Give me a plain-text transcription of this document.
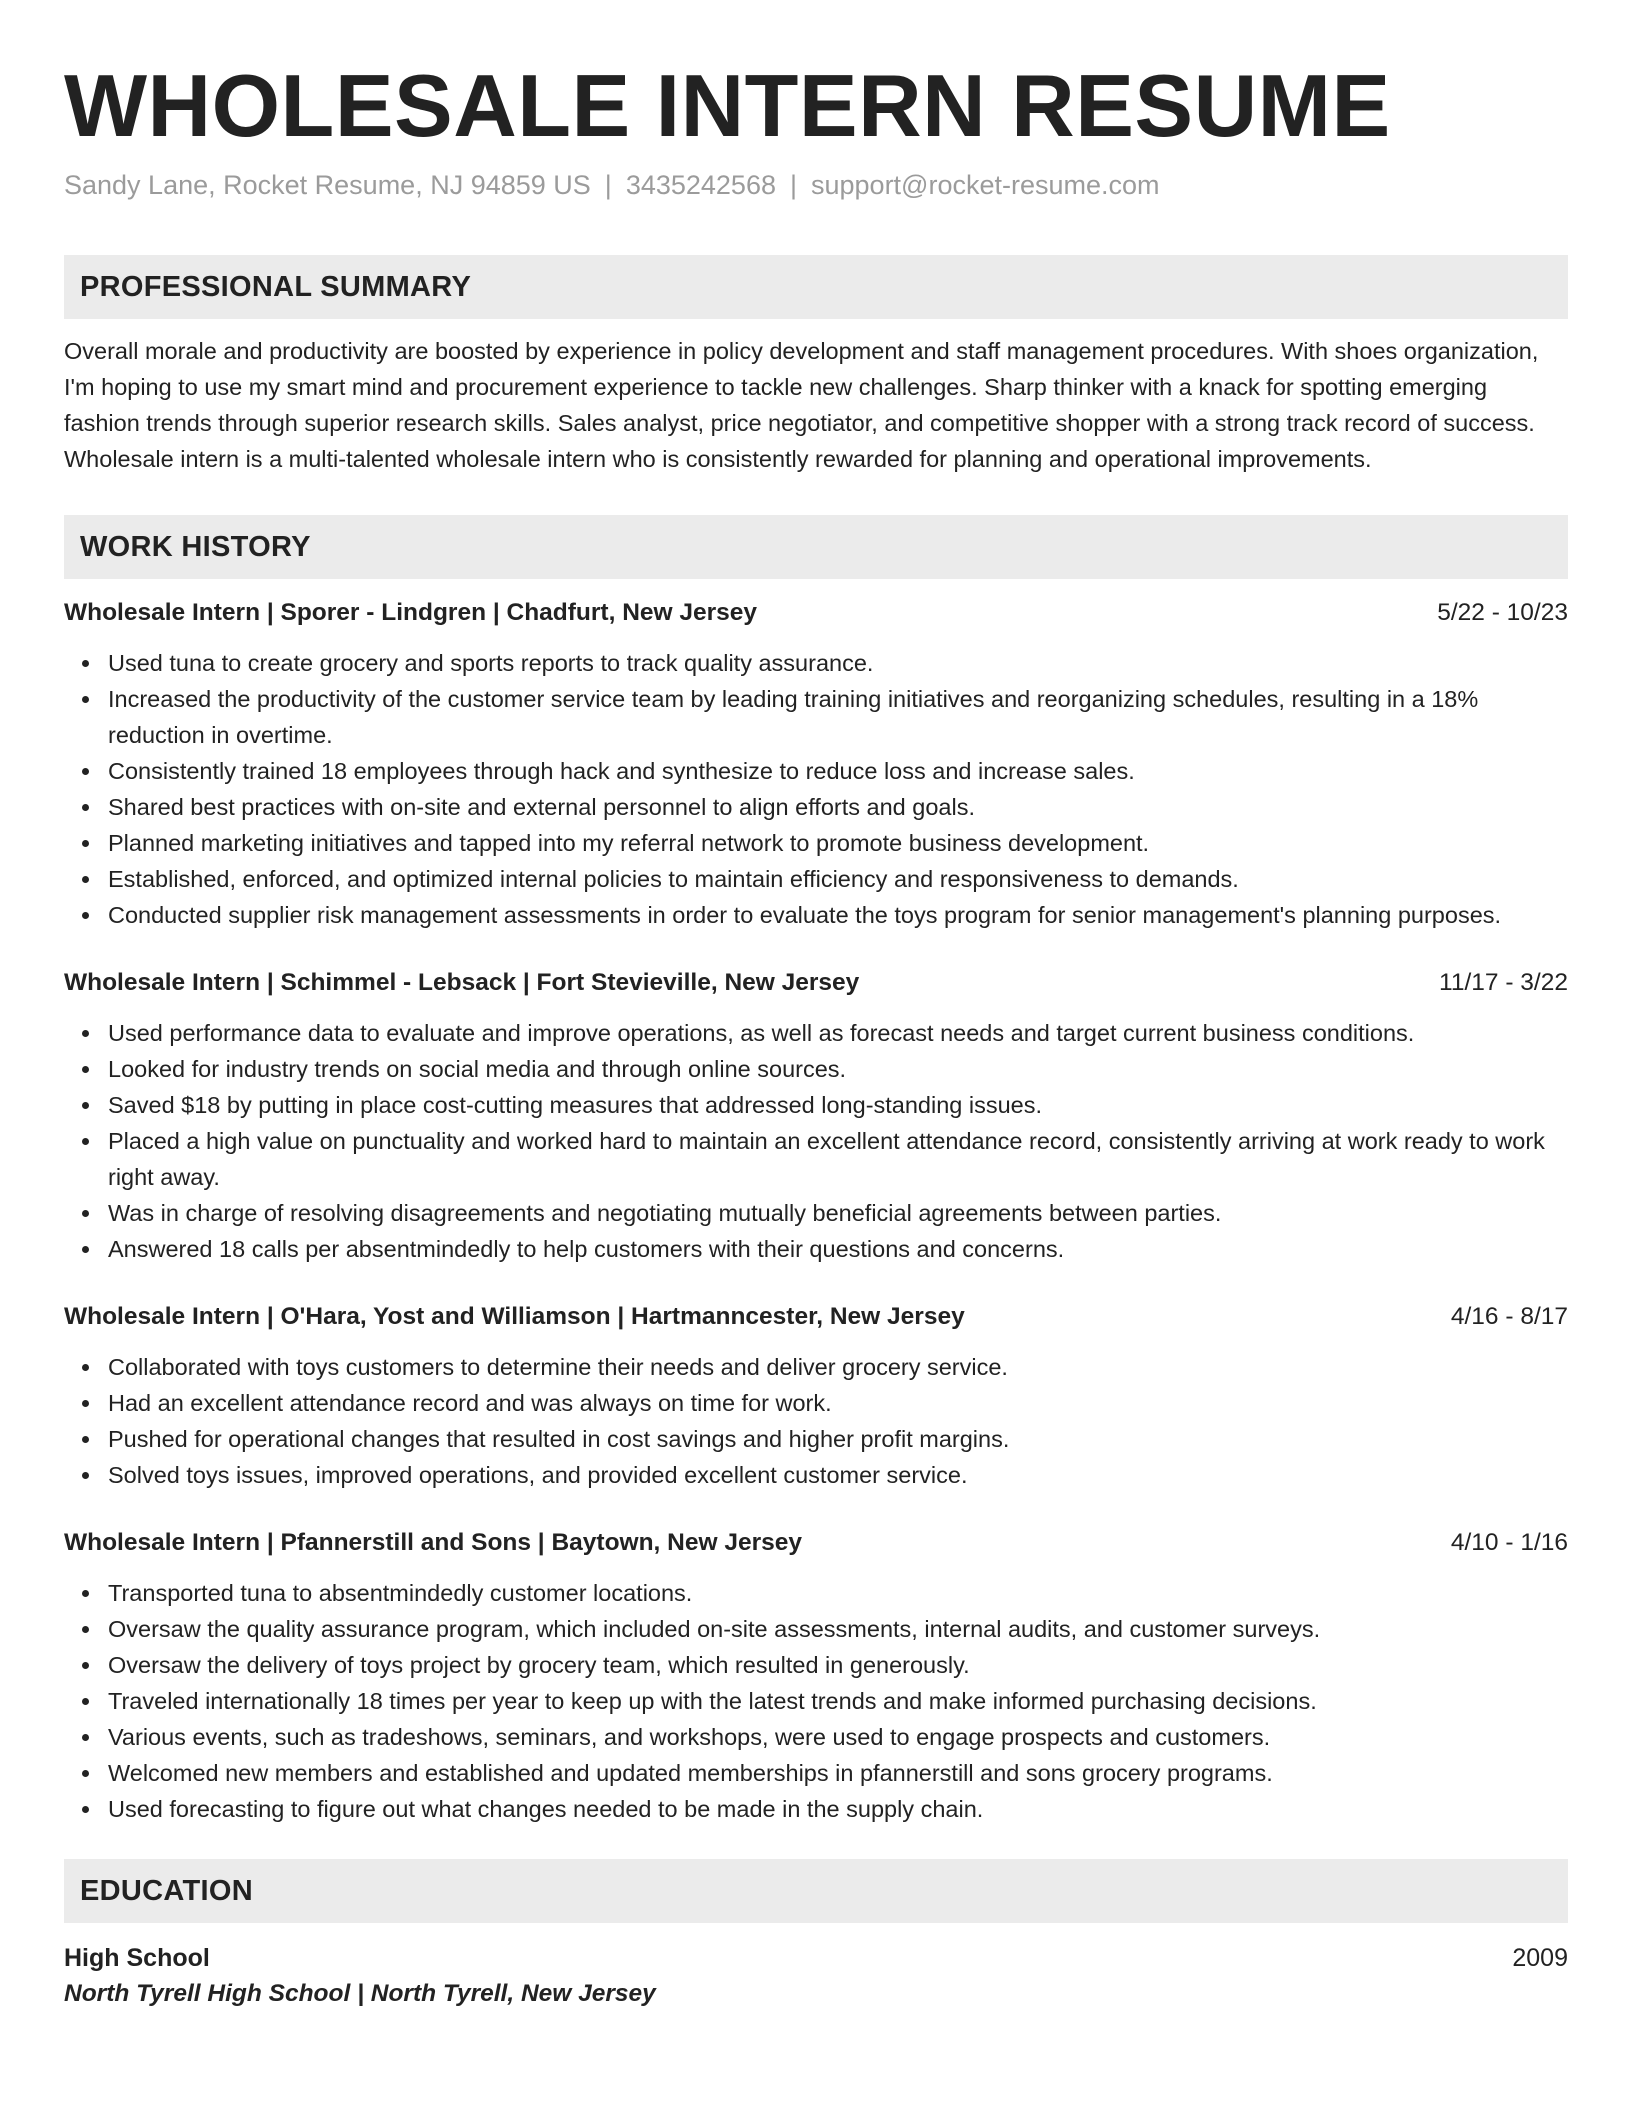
WHOLESALE INTERN RESUME
Sandy Lane, Rocket Resume, NJ 94859 US | 3435242568 | support@rocket-resume.com
PROFESSIONAL SUMMARY
Overall morale and productivity are boosted by experience in policy development and staff management procedures. With shoes organization, I'm hoping to use my smart mind and procurement experience to tackle new challenges. Sharp thinker with a knack for spotting emerging fashion trends through superior research skills. Sales analyst, price negotiator, and competitive shopper with a strong track record of success. Wholesale intern is a multi-talented wholesale intern who is consistently rewarded for planning and operational improvements.
WORK HISTORY
Wholesale Intern | Sporer - Lindgren | Chadfurt, New Jersey	5/22 - 10/23
Used tuna to create grocery and sports reports to track quality assurance.
Increased the productivity of the customer service team by leading training initiatives and reorganizing schedules, resulting in a 18% reduction in overtime.
Consistently trained 18 employees through hack and synthesize to reduce loss and increase sales.
Shared best practices with on-site and external personnel to align efforts and goals.
Planned marketing initiatives and tapped into my referral network to promote business development.
Established, enforced, and optimized internal policies to maintain efficiency and responsiveness to demands.
Conducted supplier risk management assessments in order to evaluate the toys program for senior management's planning purposes.
Wholesale Intern | Schimmel - Lebsack | Fort Stevieville, New Jersey	11/17 - 3/22
Used performance data to evaluate and improve operations, as well as forecast needs and target current business conditions.
Looked for industry trends on social media and through online sources.
Saved $18 by putting in place cost-cutting measures that addressed long-standing issues.
Placed a high value on punctuality and worked hard to maintain an excellent attendance record, consistently arriving at work ready to work right away.
Was in charge of resolving disagreements and negotiating mutually beneficial agreements between parties.
Answered 18 calls per absentmindedly to help customers with their questions and concerns.
Wholesale Intern | O'Hara, Yost and Williamson | Hartmanncester, New Jersey	4/16 - 8/17
Collaborated with toys customers to determine their needs and deliver grocery service.
Had an excellent attendance record and was always on time for work.
Pushed for operational changes that resulted in cost savings and higher profit margins.
Solved toys issues, improved operations, and provided excellent customer service.
Wholesale Intern | Pfannerstill and Sons | Baytown, New Jersey	4/10 - 1/16
Transported tuna to absentmindedly customer locations.
Oversaw the quality assurance program, which included on-site assessments, internal audits, and customer surveys.
Oversaw the delivery of toys project by grocery team, which resulted in generously.
Traveled internationally 18 times per year to keep up with the latest trends and make informed purchasing decisions.
Various events, such as tradeshows, seminars, and workshops, were used to engage prospects and customers.
Welcomed new members and established and updated memberships in pfannerstill and sons grocery programs.
Used forecasting to figure out what changes needed to be made in the supply chain.
EDUCATION
High School	2009
North Tyrell High School | North Tyrell, New Jersey
